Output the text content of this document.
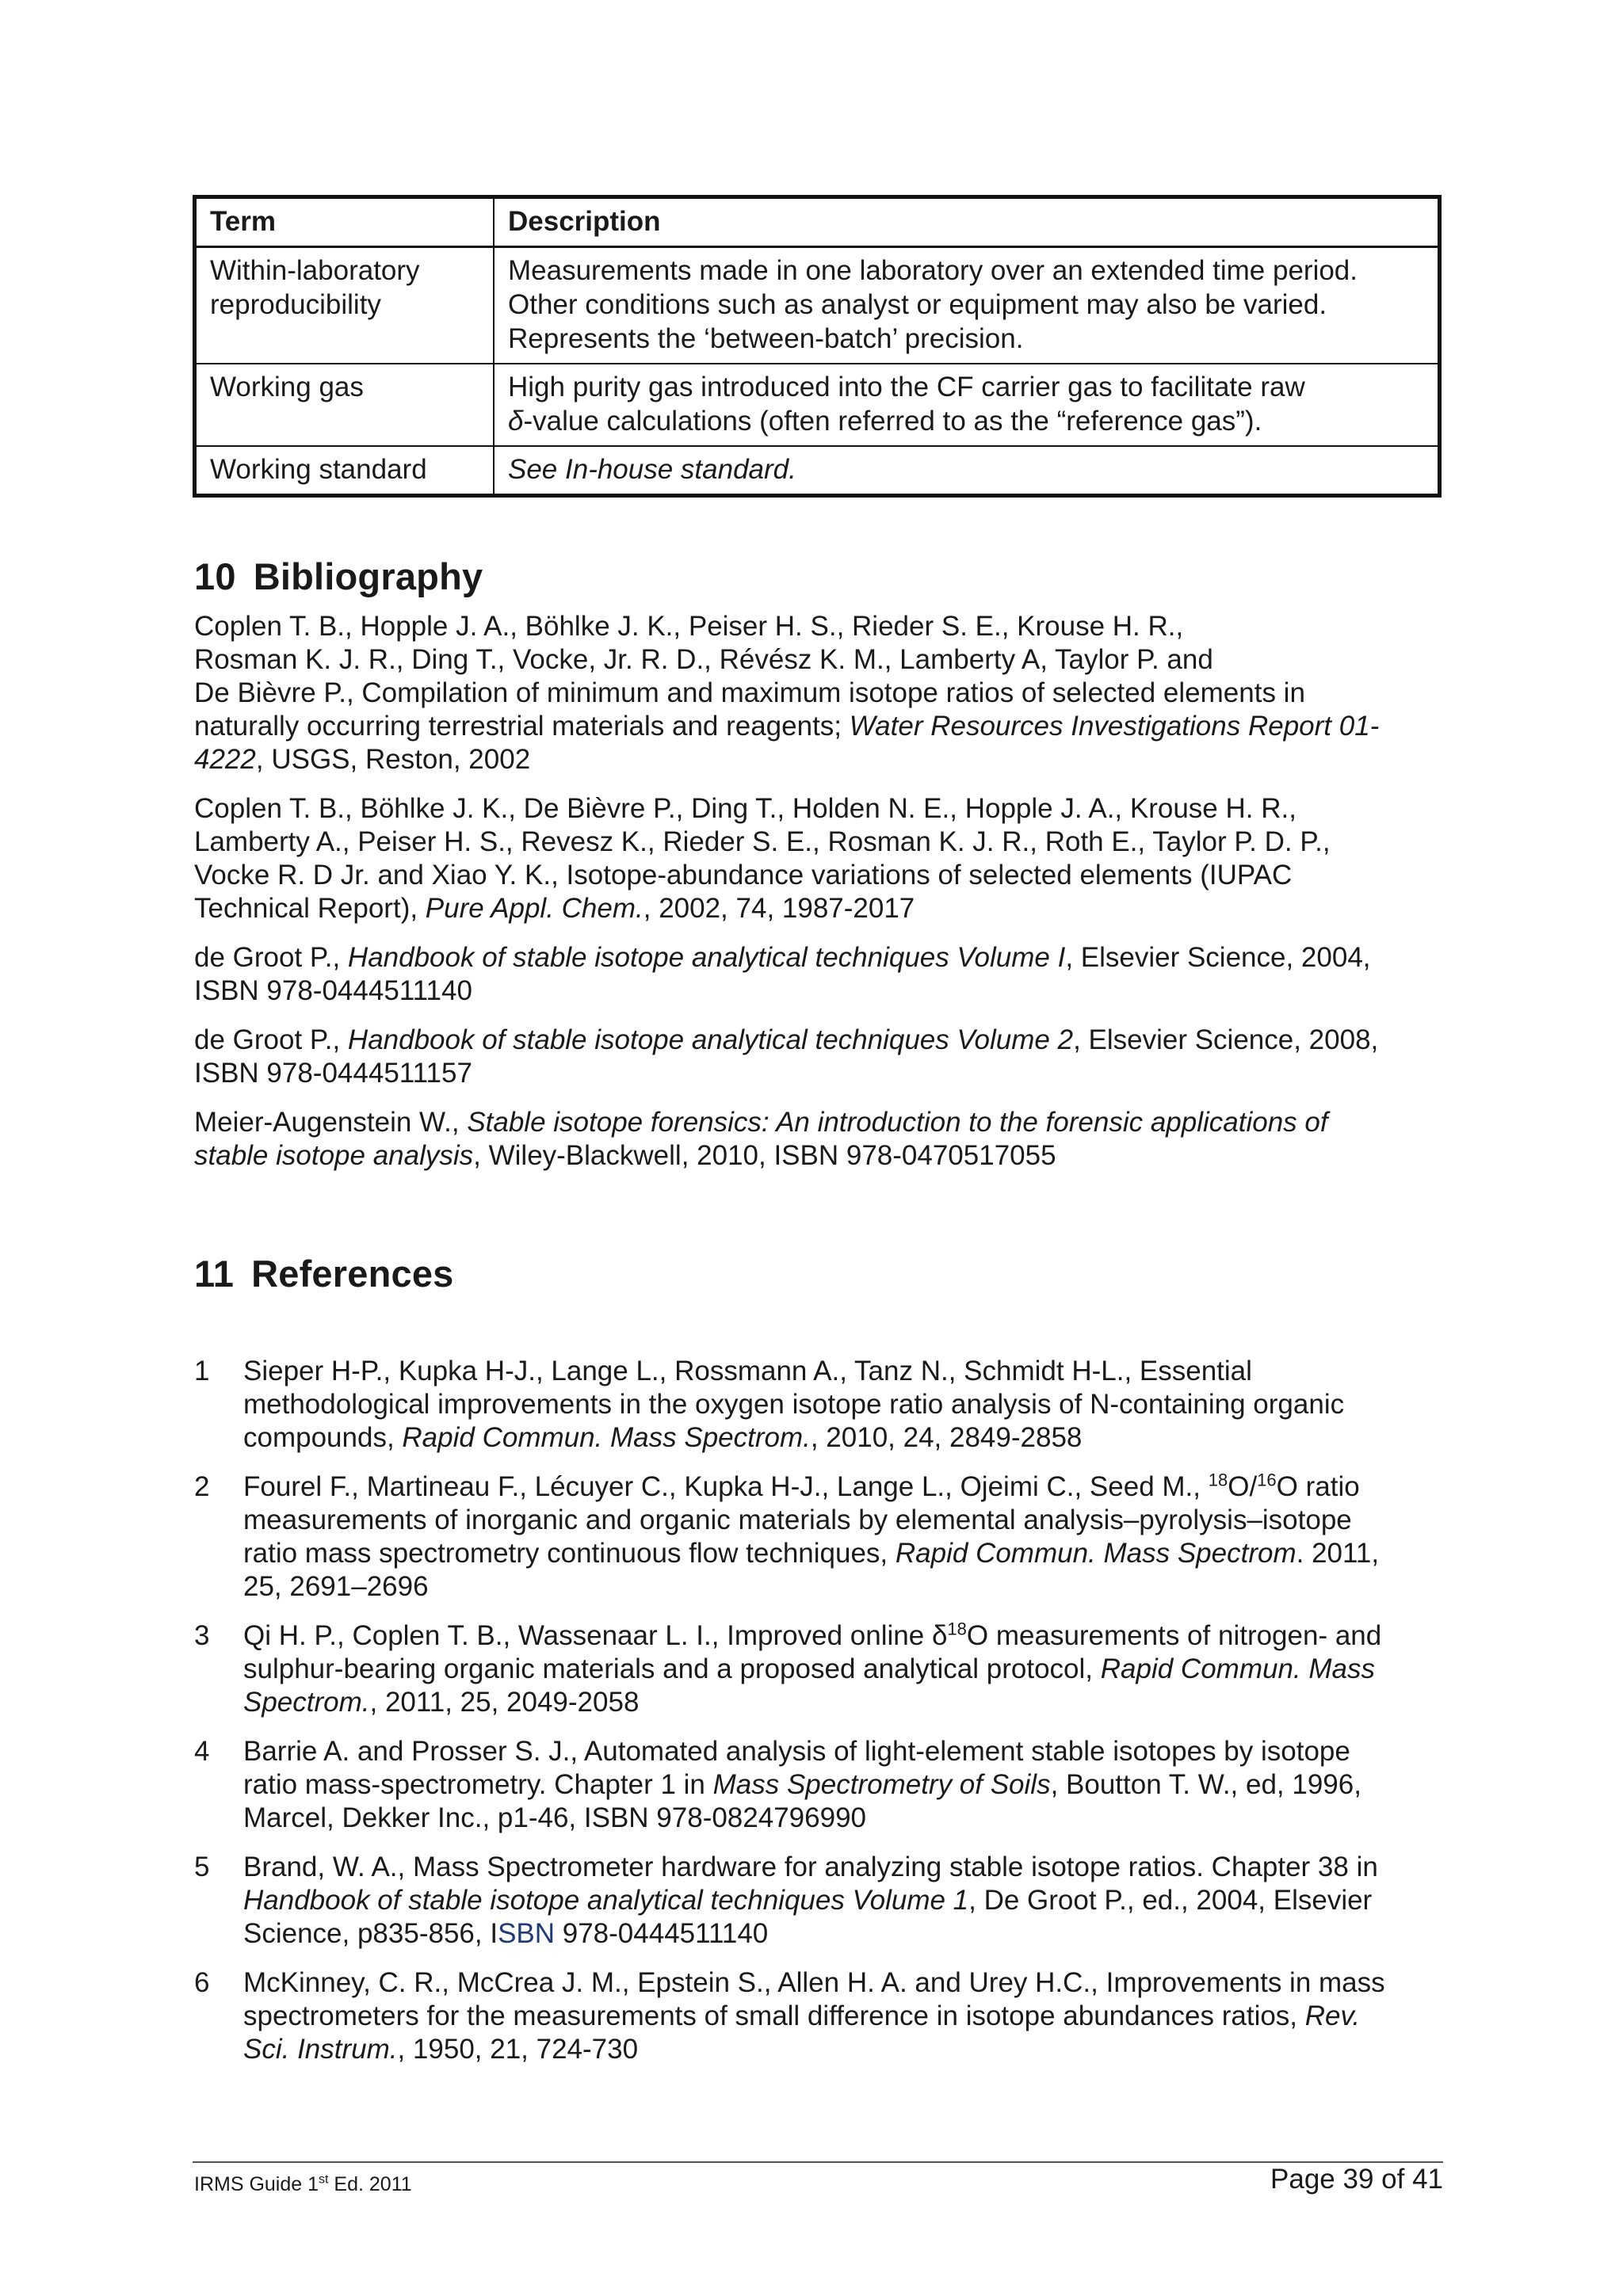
Term	Description
Within-laboratory
reproducibility	Measurements made in one laboratory over an extended time period.
Other conditions such as analyst or equipment may also be varied.
Represents the ‘between-batch’ precision.
Working gas	High purity gas introduced into the CF carrier gas to facilitate raw
δ-value calculations (often referred to as the “reference gas”).
Working standard	See In-house standard.
10 Bibliography

Coplen T. B., Hopple J. A., Böhlke J. K., Peiser H. S., Rieder S. E., Krouse H. R.,
Rosman K. J. R., Ding T., Vocke, Jr. R. D., Révész K. M., Lamberty A, Taylor P. and
De Bièvre P., Compilation of minimum and maximum isotope ratios of selected elements in
naturally occurring terrestrial materials and reagents; Water Resources Investigations Report 01-
4222, USGS, Reston, 2002

Coplen T. B., Böhlke J. K., De Bièvre P., Ding T., Holden N. E., Hopple J. A., Krouse H. R.,
Lamberty A., Peiser H. S., Revesz K., Rieder S. E., Rosman K. J. R., Roth E., Taylor P. D. P.,
Vocke R. D Jr. and Xiao Y. K., Isotope-abundance variations of selected elements (IUPAC
Technical Report), Pure Appl. Chem., 2002, 74, 1987-2017

de Groot P., Handbook of stable isotope analytical techniques Volume I, Elsevier Science, 2004,
ISBN 978-0444511140

de Groot P., Handbook of stable isotope analytical techniques Volume 2, Elsevier Science, 2008,
ISBN 978-0444511157

Meier-Augenstein W., Stable isotope forensics: An introduction to the forensic applications of
stable isotope analysis, Wiley-Blackwell, 2010, ISBN 978-0470517055

11 References
1	Sieper H-P., Kupka H-J., Lange L., Rossmann A., Tanz N., Schmidt H-L., Essential
methodological improvements in the oxygen isotope ratio analysis of N-containing organic
compounds, Rapid Commun. Mass Spectrom., 2010, 24, 2849-2858
2	Fourel F., Martineau F., Lécuyer C., Kupka H-J., Lange L., Ojeimi C., Seed M., $^{18}$O/$^{16}$O ratio
measurements of inorganic and organic materials by elemental analysis–pyrolysis–isotope
ratio mass spectrometry continuous flow techniques, Rapid Commun. Mass Spectrom. 2011,
25, 2691–2696
3	Qi H. P., Coplen T. B., Wassenaar L. I., Improved online $\delta^{18}O$ measurements of nitrogen- and
sulphur-bearing organic materials and a proposed analytical protocol, Rapid Commun. Mass
Spectrom., 2011, 25, 2049-2058
4	Barrie A. and Prosser S. J., Automated analysis of light-element stable isotopes by isotope
ratio mass-spectrometry. Chapter 1 in Mass Spectrometry of Soils, Boutton T. W., ed, 1996,
Marcel, Dekker Inc., p1-46, ISBN 978-0824796990
5	Brand, W. A., Mass Spectrometer hardware for analyzing stable isotope ratios. Chapter 38 in
Handbook of stable isotope analytical techniques Volume 1, De Groot P., ed., 2004, Elsevier
Science, p835-856, ISBN 978-0444511140
6	McKinney, C. R., McCrea J. M., Epstein S., Allen H. A. and Urey H.C., Improvements in mass
spectrometers for the measurements of small difference in isotope abundances ratios, Rev.
Sci. Instrum., 1950, 21, 724-730
IRMS Guide 1st Ed. 2011	Page 39 of 41
